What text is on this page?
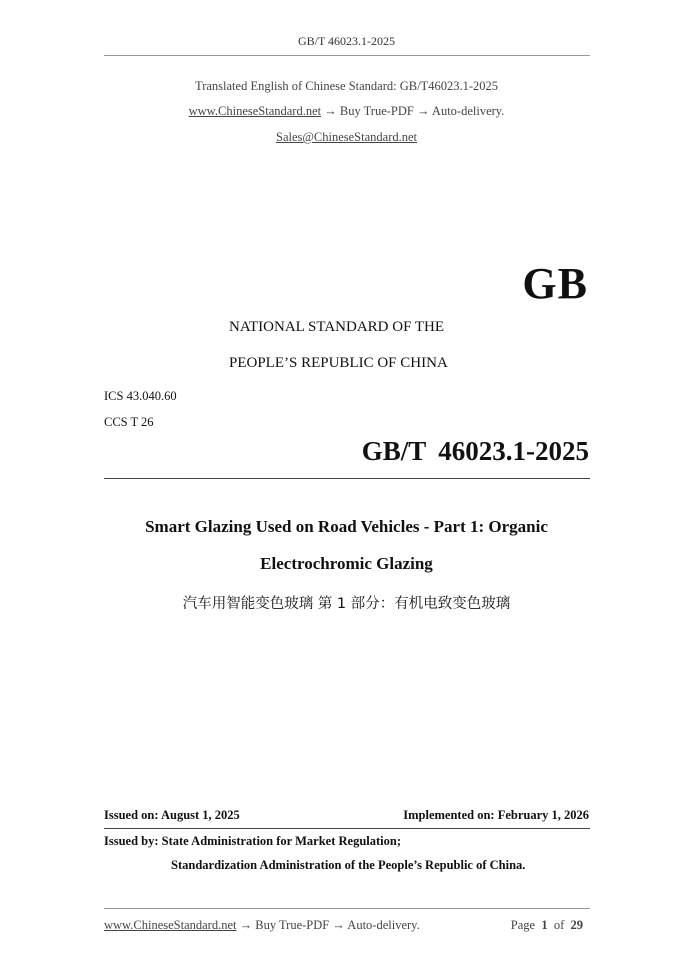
GB/T 46023.1-2025
Translated English of Chinese Standard: GB/T46023.1-2025
www.ChineseStandard.net → Buy True-PDF → Auto-delivery.
Sales@ChineseStandard.net
GB
NATIONAL STANDARD OF THE
PEOPLE’S REPUBLIC OF CHINA
ICS 43.040.60
CCS T 26
GB/T 46023.1-2025
Smart Glazing Used on Road Vehicles - Part 1: Organic
Electrochromic Glazing
汽车用智能变色玻璃 第 1 部分：有机电致变色玻璃
Issued on: August 1, 2025	Implemented on: February 1, 2026
Issued by: State Administration for Market Regulation;
Standardization Administration of the People’s Republic of China.
www.ChineseStandard.net → Buy True-PDF → Auto-delivery.	Page 1 of 29
